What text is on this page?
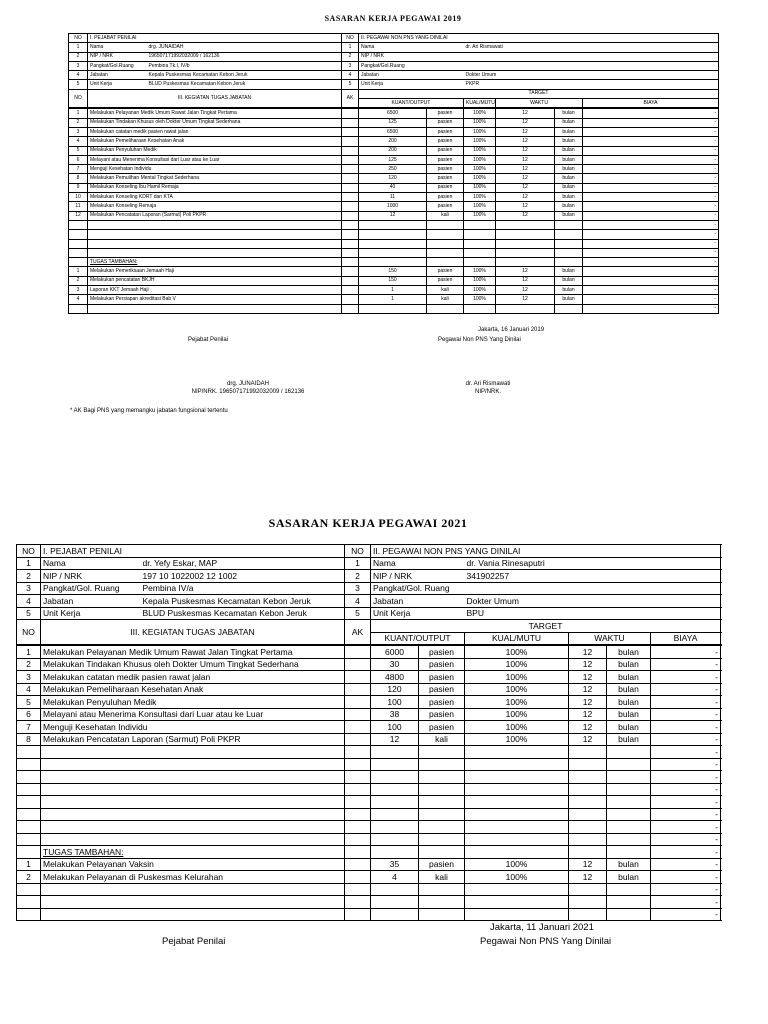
SASARAN KERJA PEGAWAI 2019
NO	I. PEJABAT PENILAI		NO	II. PEGAWAI NON PNS YANG DINILAI					
1	Nama	drg. JUNAIDAH	1	Nama		dr. Ari Rismawati			
2	NIP / NRK	196507171992032009 / 162136	2	NIP / NRK					
3	Pangkat/Gol.Ruang	Pembina Tk.I, IV/b	3	Pangkat/Gol.Ruang					
4	Jabatan	Kepala Puskesmas Kecamatan Kebon Jeruk	4	Jabatan		Dokter Umum			
5	Unit Kerja	BLUD Puskesmas Kecamatan Kebon Jeruk	5	Unit Kerja		PKPR			
NO	III. KEGIATAN TUGAS JABATAN		AK	TARGET					
				KUANT/OUTPUT		KUAL/MUTU	WAKTU		BIAYA
1	Melakukan Pelayanan Medik Umum Rawat Jalan Tingkat Pertama			6500	pasien	100%	12	bulan	-
2	Melakukan Tindakan Khusus oleh Dokter Umum Tingkat Sederhana			125	pasien	100%	12	bulan	-
3	Melakukan catatan medik pasien rawat jalan			6500	pasien	100%	12	bulan	-
4	Melakukan Pemeliharaan Kesehatan Anak			200	pasien	100%	12	bulan	-
5	Melakukan Penyuluhan Medik			200	pasien	100%	12	bulan	-
6	Melayani atau Menerima Konsultasi dari Luar atau ke Luar			125	pasien	100%	12	bulan	-
7	Menguji Kesehatan Individu			250	pasien	100%	12	bulan	-
8	Melakukan Pemulihan Mental Tingkat Sederhana			120	pasien	100%	12	bulan	-
9	Melakukan Konseling Ibu Hamil Remaja			40	pasien	100%	12	bulan	-
10	Melakukan Konseling KDRT dan KTA			11	pasien	100%	12	bulan	-
11	Melakukan Konseling Remaja			1000	pasien	100%	12	bulan	-
12	Melakukan Pencatatan Laporan (Sarmut) Poli PKPR			12	kali	100%	12	bulan	-
									-
									-
									-
									-
	TUGAS TAMBAHAN:								-
1	Melakukan Pemeriksaan Jemaah Haji			150	pasien	100%	12	bulan	-
2	Melakukan pencatatan BKJH			150	pasien	100%	12	bulan	-
3	Laporan KKT Jemaah Haji			1	kali	100%	12	bulan	-
4	Melakukan Persiapan akreditasi Bab V			1	kali	100%	12	bulan	-
									-
Jakarta, 16 Januari 2019
Pejabat Penilai	Pegawai Non PNS Yang Dinilai
drg. JUNAIDAH
NIP/NRK. 196507171992032009 / 162136
dr. Ari Rismawati
NIP/NRK.
* AK Bagi PNS yang memangku jabatan fungsional tertentu
SASARAN KERJA PEGAWAI 2021
NO	I. PEJABAT PENILAI		NO	II. PEGAWAI NON PNS YANG DINILAI					
1	Nama	dr. Yefy Eskar, MAP	1	Nama		dr. Vania Rinesaputri			
2	NIP / NRK	197 10 1022002 12 1002	2	NIP / NRK		341902257			
3	Pangkat/Gol. Ruang	Pembina IV/a	3	Pangkat/Gol. Ruang					
4	Jabatan	Kepala Puskesmas Kecamatan Kebon Jeruk	4	Jabatan		Dokter Umum			
5	Unit Kerja	BLUD Puskesmas Kecamatan Kebon Jeruk	5	Unit Kerja		BPU			
NO	III. KEGIATAN TUGAS JABATAN		AK	TARGET					
				KUANT/OUTPUT		KUAL/MUTU	WAKTU		BIAYA
1	Melakukan Pelayanan Medik Umum Rawat Jalan Tingkat Pertama			6000	pasien	100%	12	bulan	-
2	Melakukan Tindakan Khusus oleh Dokter Umum Tingkat Sederhana			30	pasien	100%	12	bulan	-
3	Melakukan catatan medik pasien rawat jalan			4800	pasien	100%	12	bulan	-
4	Melakukan Pemeliharaan Kesehatan Anak			120	pasien	100%	12	bulan	-
5	Melakukan Penyuluhan Medik			100	pasien	100%	12	bulan	-
6	Melayani atau Menerima Konsultasi dari Luar atau ke Luar			38	pasien	100%	12	bulan	-
7	Menguji Kesehatan Individu			100	pasien	100%	12	bulan	-
8	Melakukan Pencatatan Laporan (Sarmut) Poli PKPR			12	kali	100%	12	bulan	-
									-
									-
									-
									-
									-
									-
									-
									-
	TUGAS TAMBAHAN:								-
1	Melakukan Pelayanan Vaksin			35	pasien	100%	12	bulan	-
2	Melakukan Pelayanan di Puskesmas Kelurahan			4	kali	100%	12	bulan	-
									-
									-
									-
Jakarta, 11 Januari 2021
Pejabat Penilai	Pegawai Non PNS Yang Dinilai
